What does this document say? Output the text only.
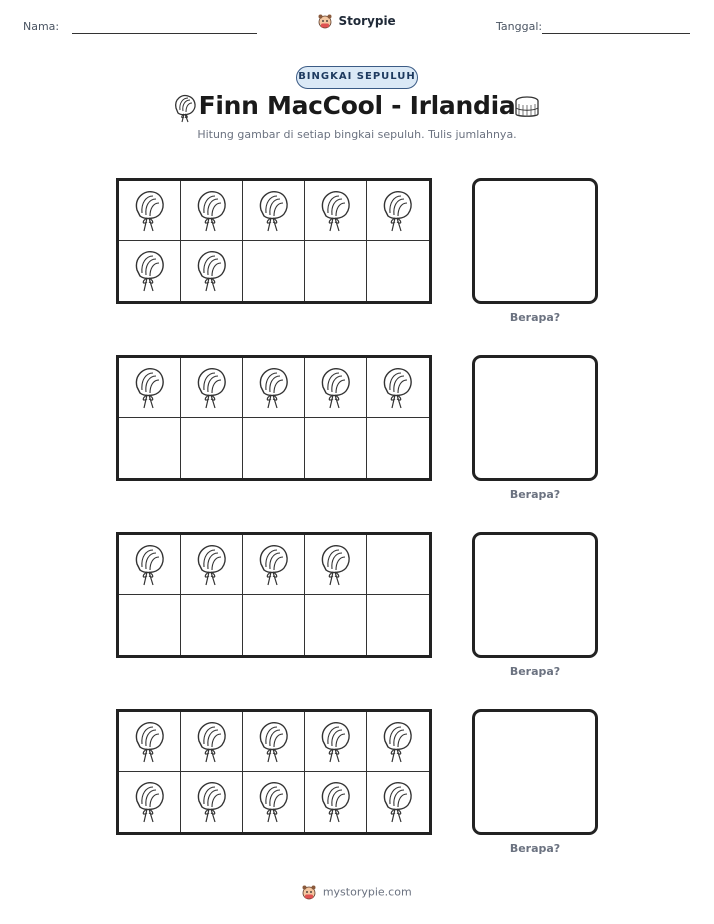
Nama:	Tanggal:
Storypie
BINGKAI SEPULUH
Finn MacCool - Irlandia
Hitung gambar di setiap bingkai sepuluh. Tulis jumlahnya.
Berapa?
Berapa?
Berapa?
Berapa?
mystorypie.com
